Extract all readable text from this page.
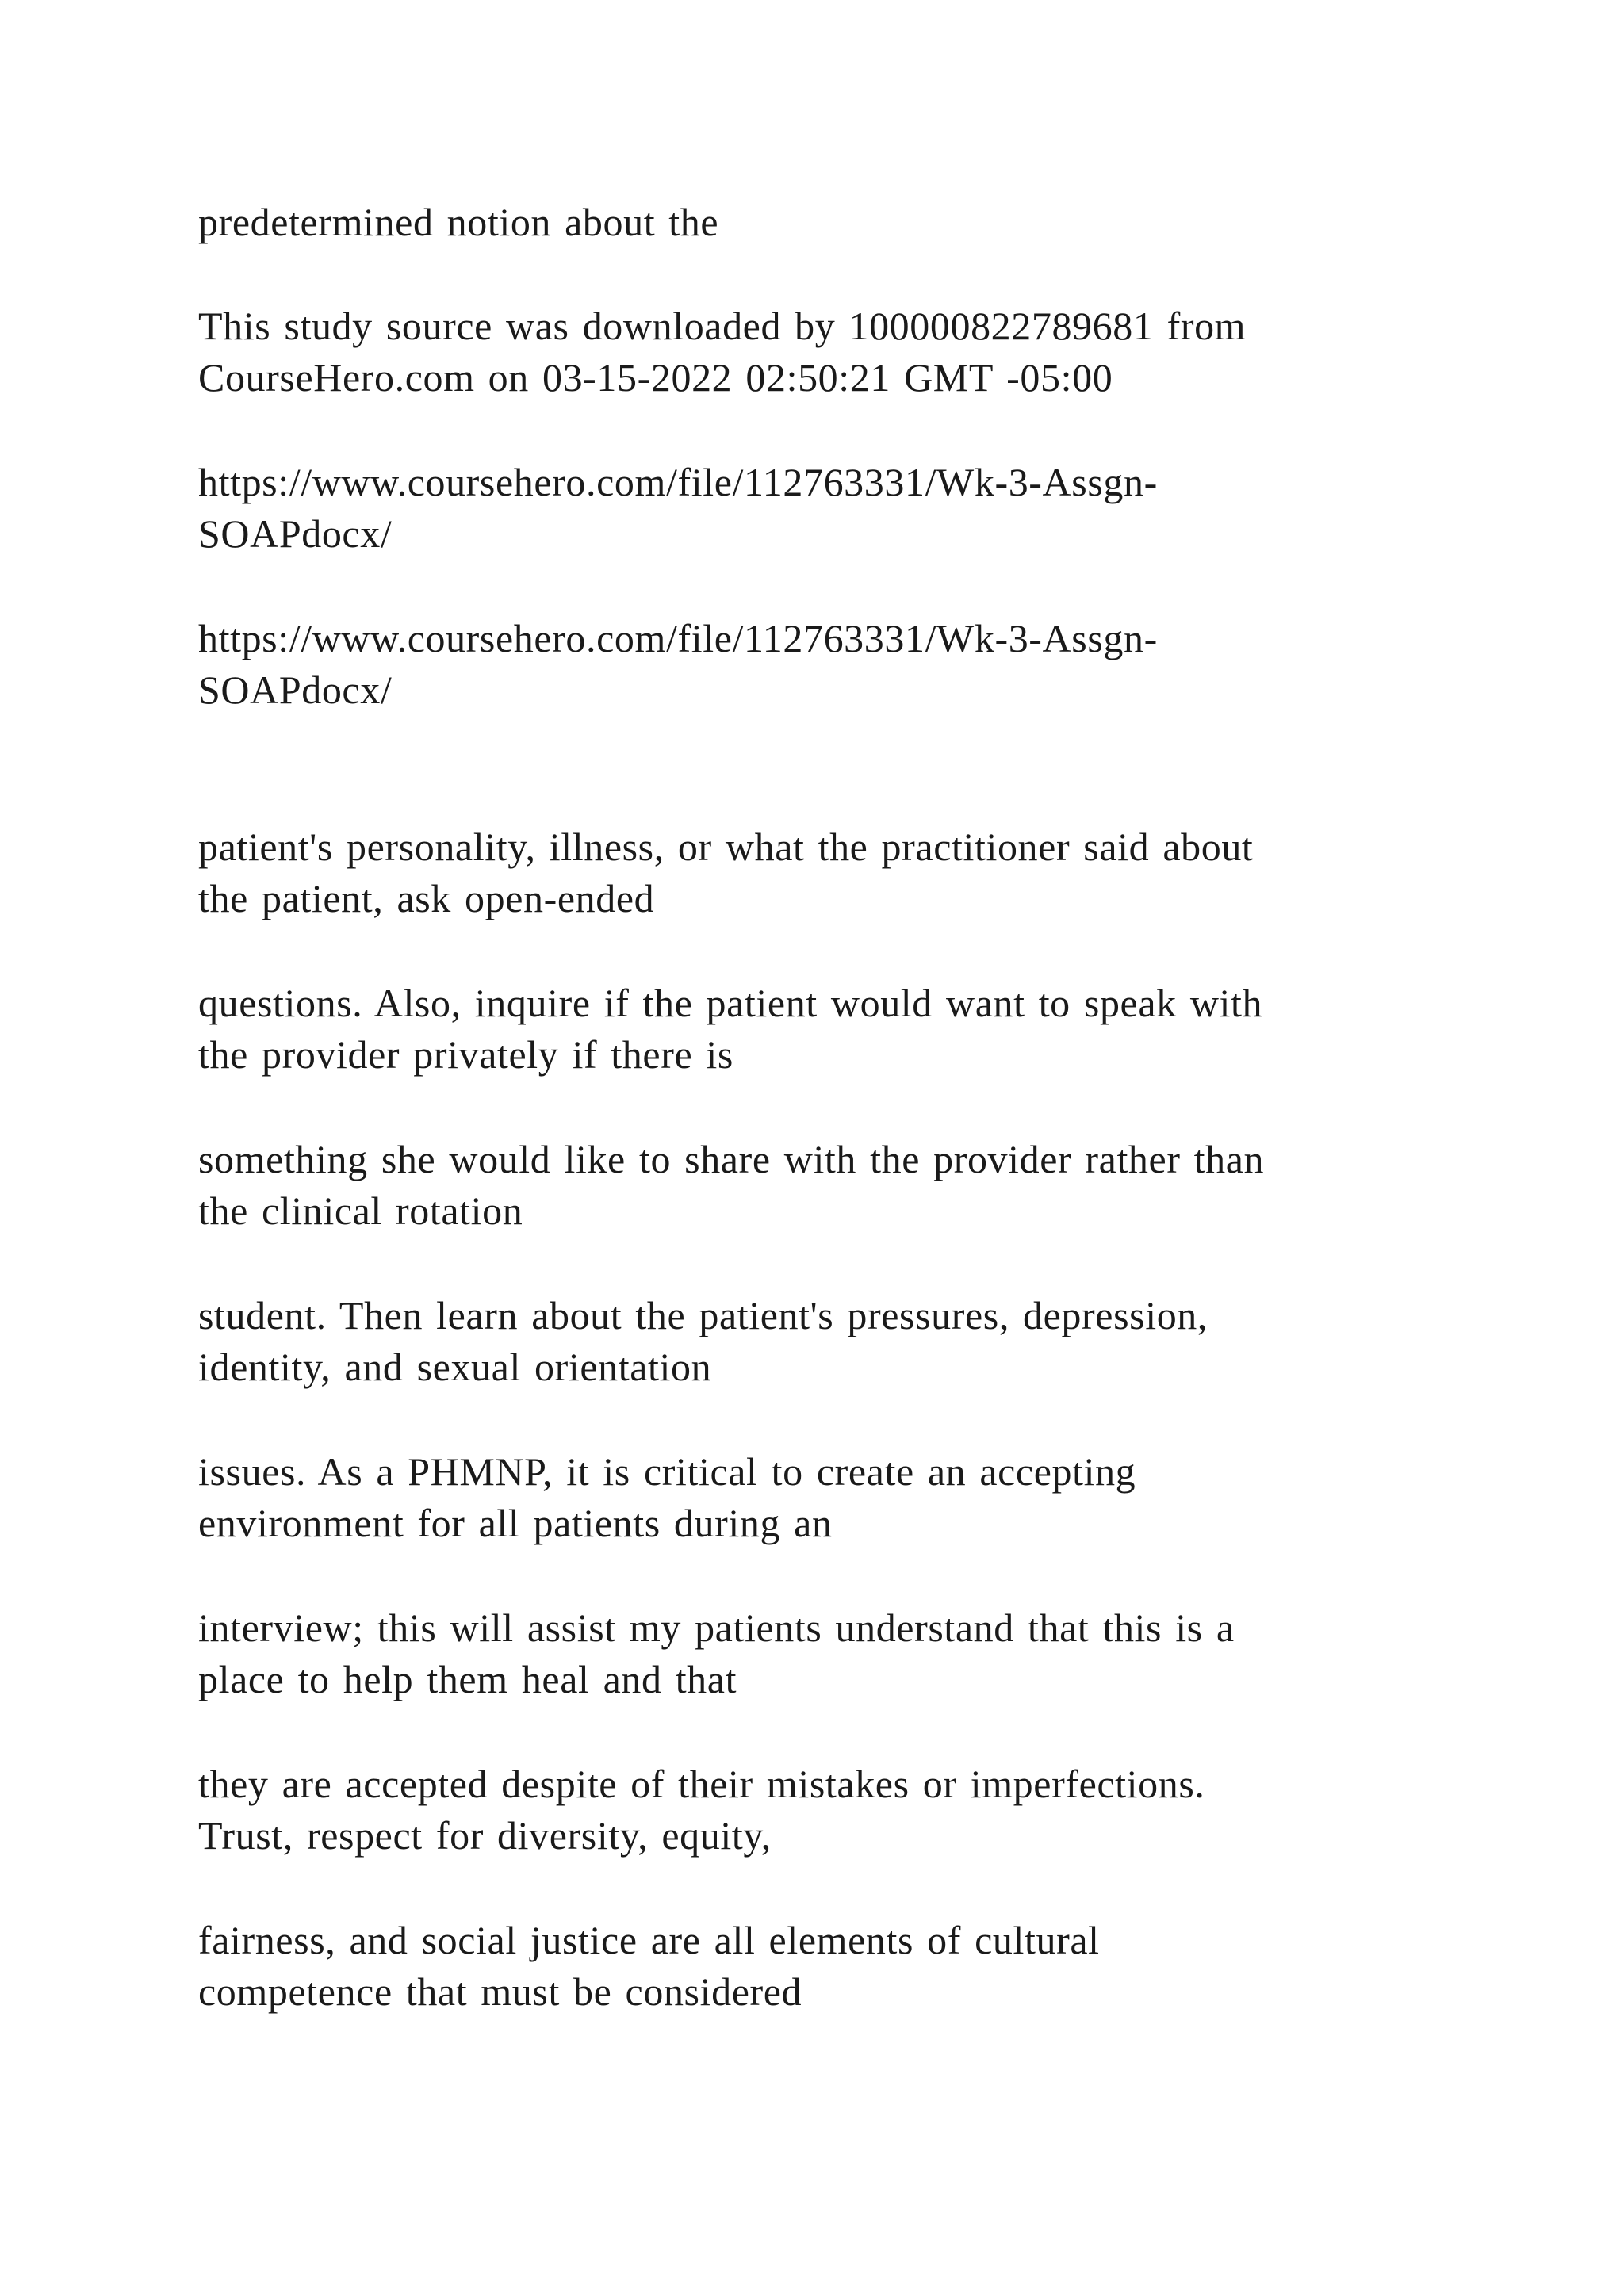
predetermined notion about the

This study source was downloaded by 100000822789681 from
CourseHero.com on 03-15-2022 02:50:21 GMT -05:00

https://www.coursehero.com/file/112763331/Wk-3-Assgn-
SOAPdocx/

https://www.coursehero.com/file/112763331/Wk-3-Assgn-
SOAPdocx/

patient's personality, illness, or what the practitioner said about
the patient, ask open-ended

questions. Also, inquire if the patient would want to speak with
the provider privately if there is

something she would like to share with the provider rather than
the clinical rotation

student. Then learn about the patient's pressures, depression,
identity, and sexual orientation

issues. As a PHMNP, it is critical to create an accepting
environment for all patients during an

interview; this will assist my patients understand that this is a
place to help them heal and that

they are accepted despite of their mistakes or imperfections.
Trust, respect for diversity, equity,

fairness, and social justice are all elements of cultural
competence that must be considered
